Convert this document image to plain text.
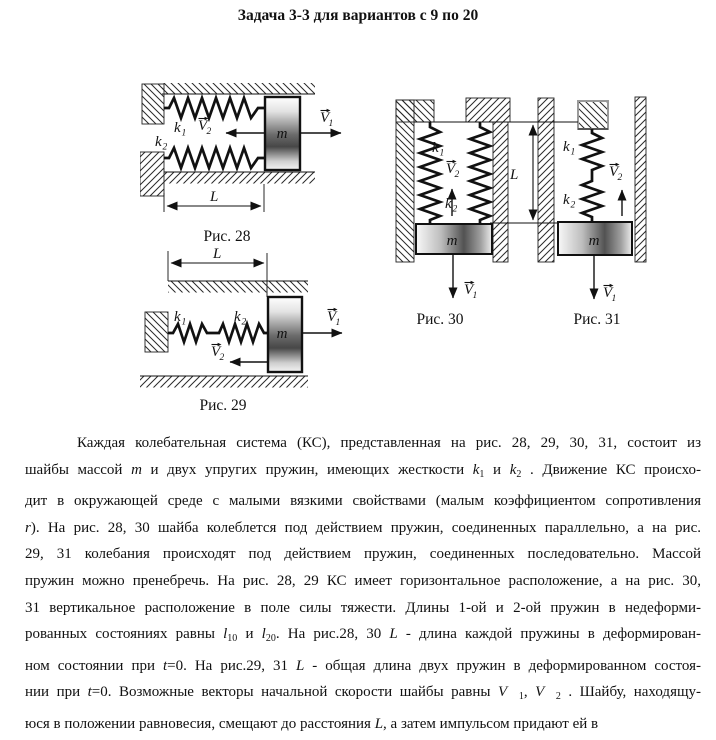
Задача 3-3 для вариантов с 9 по 20
m
k 1
k 2
V 1
V 2
L
Рис. 28
L
m
k 1	k 2	V 1
V 2
Рис. 29
m	m
L
k 1
k 2
V 2
V 1
k 1
k 2
V 2
V 1
Рис. 30	Рис. 31
Каждая колебательная система (КС), представленная на рис. 28, 29, 30, 31, состоит из
шайбы массой m и двух упругих пружин, имеющих жесткости $k_1$ и $k_2$ . Движение КС происхо-
дит в окружающей среде с малыми вязкими свойствами (малым коэффициентом сопротивления
r). На рис. 28, 30 шайба колеблется под действием пружин, соединенных параллельно, а на рис.
29, 31 колебания происходят под действием пружин, соединенных последовательно. Массой
пружин можно пренебречь. На рис. 28, 29 КС имеет горизонтальное расположение, а на рис. 30,
31 вертикальное расположение в поле силы тяжести. Длины 1-ой и 2-ой пружин в недеформи-
рованных состояниях равны $l_{10}$ и $l_{20}$. На рис.28, 30 L - длина каждой пружины в деформирован-
ном состоянии при t=0. На рис.29, 31 L - общая длина двух пружин в деформированном состоя-
нии при t=0. Возможные векторы начальной скорости шайбы равны $V⃗_1$, $V⃗_2$ . Шайбу, находящу-
юся в положении равновесия, смещают до расстояния L, а затем импульсом придают ей в
